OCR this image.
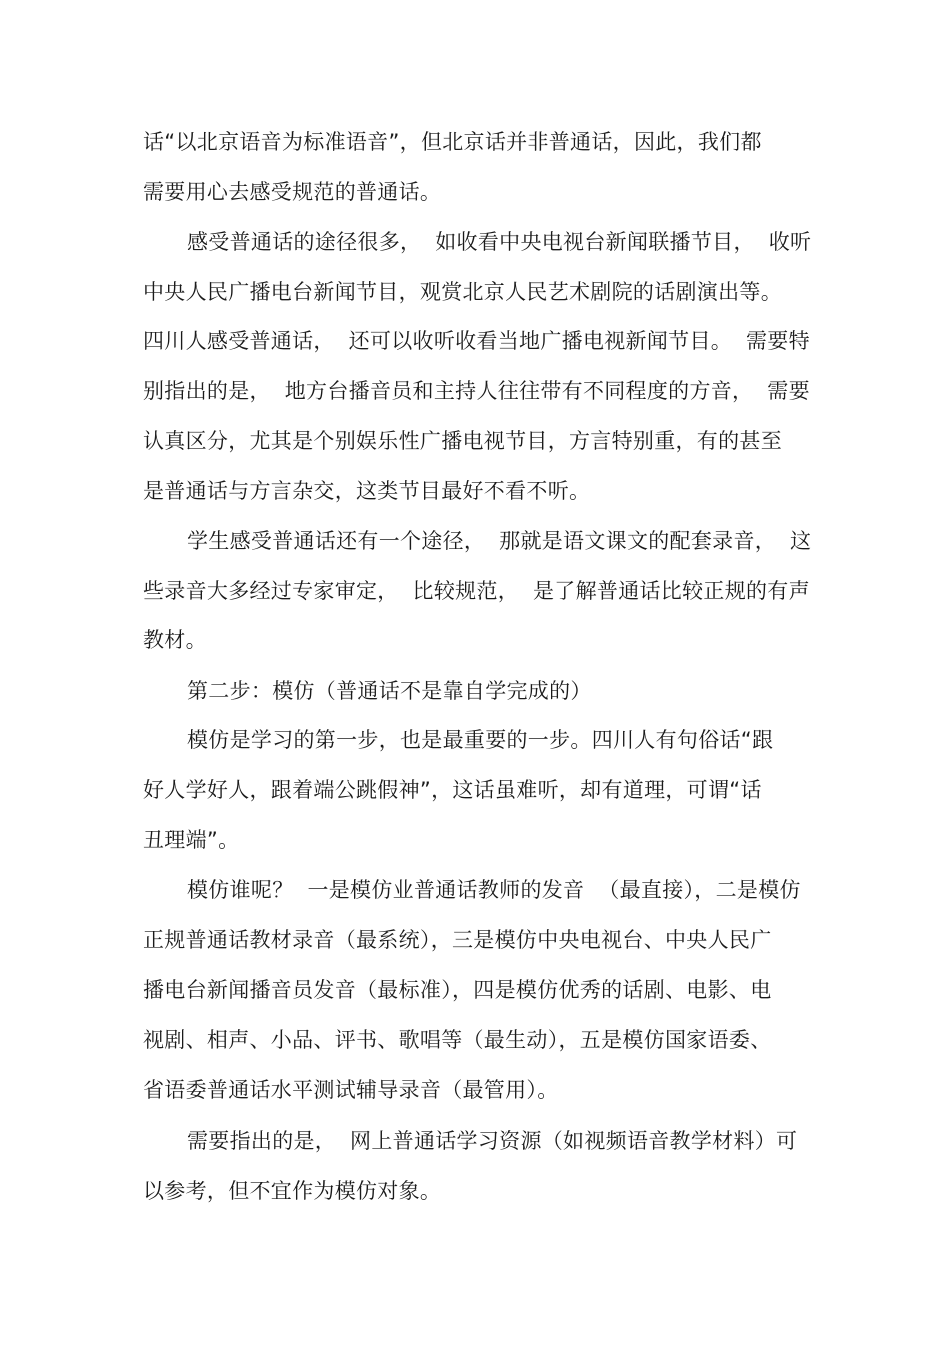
话“以北京语音为标准语音”，但北京话并非普通话，因此，我们都
需要用心去感受规范的普通话。
感受普通话的途径很多，  如收看中央电视台新闻联播节目，  收听
中央人民广播电台新闻节目，观赏北京人民艺术剧院的话剧演出等。
四川人感受普通话，  还可以收听收看当地广播电视新闻节目。  需要特
别指出的是，  地方台播音员和主持人往往带有不同程度的方音，  需要
认真区分，尤其是个别娱乐性广播电视节目，方言特别重，有的甚至
是普通话与方言杂交，这类节目最好不看不听。
学生感受普通话还有一个途径，  那就是语文课文的配套录音，  这
些录音大多经过专家审定，  比较规范，  是了解普通话比较正规的有声
教材。
第二步：模仿（普通话不是靠自学完成的）
模仿是学习的第一步，也是最重要的一步。四川人有句俗话“跟
好人学好人，跟着端公跳假神”，这话虽难听，却有道理，可谓“话
丑理端”。
模仿谁呢？  一是模仿业普通话教师的发音  （最直接），二是模仿
正规普通话教材录音（最系统），三是模仿中央电视台、中央人民广
播电台新闻播音员发音（最标准），四是模仿优秀的话剧、电影、电
视剧、相声、小品、评书、歌唱等（最生动），五是模仿国家语委、
省语委普通话水平测试辅导录音（最管用）。
需要指出的是，  网上普通话学习资源（如视频语音教学材料）可
以参考，但不宜作为模仿对象。
